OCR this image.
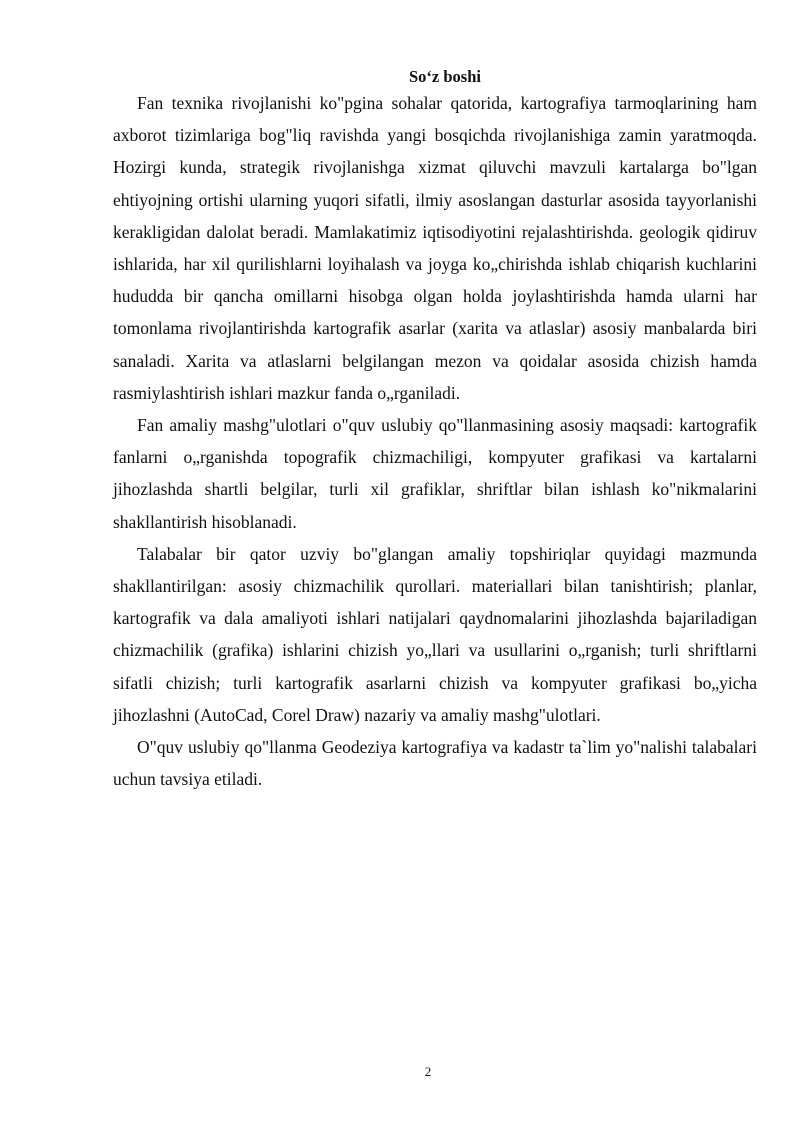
Soʻz boshi

Fan texnika rivojlanishi ko"pgina sohalar qatorida, kartografiya tarmoqlarining ham axborot tizimlariga bog"liq ravishda yangi bosqichda rivojlanishiga zamin yaratmoqda. Hozirgi kunda, strategik rivojlanishga xizmat qiluvchi mavzuli kartalarga bo"lgan ehtiyojning ortishi ularning yuqori sifatli, ilmiy asoslangan dasturlar asosida tayyorlanishi kerakligidan dalolat beradi. Mamlakatimiz iqtisodiyotini rejalashtirishda. geologik qidiruv ishlarida, har xil qurilishlarni loyihalash va joyga ko„chirishda ishlab chiqarish kuchlarini hududda bir qancha omillarni hisobga olgan holda joylashtirishda hamda ularni har tomonlama rivojlantirishda kartografik asarlar (xarita va atlaslar) asosiy manbalarda biri sanaladi. Xarita va atlaslarni belgilangan mezon va qoidalar asosida chizish hamda rasmiylashtirish ishlari mazkur fanda o„rganiladi.

Fan amaliy mashg"ulotlari o"quv uslubiy qo"llanmasining asosiy maqsadi: kartografik fanlarni o„rganishda topografik chizmachiligi, kompyuter grafikasi va kartalarni jihozlashda shartli belgilar, turli xil grafiklar, shriftlar bilan ishlash ko"nikmalarini shakllantirish hisoblanadi.

Talabalar bir qator uzviy bo"glangan amaliy topshiriqlar quyidagi mazmunda shakllantirilgan: asosiy chizmachilik qurollari. materiallari bilan tanishtirish; planlar, kartografik va dala amaliyoti ishlari natijalari qaydnomalarini jihozlashda bajariladigan chizmachilik (grafika) ishlarini chizish yo„llari va usullarini o„rganish; turli shriftlarni sifatli chizish; turli kartografik asarlarni chizish va kompyuter grafikasi bo„yicha jihozlashni (AutoCad, Corel Draw) nazariy va amaliy mashg"ulotlari.

O"quv uslubiy qo"llanma Geodeziya kartografiya va kadastr ta`lim yo"nalishi talabalari uchun tavsiya etiladi.

2
